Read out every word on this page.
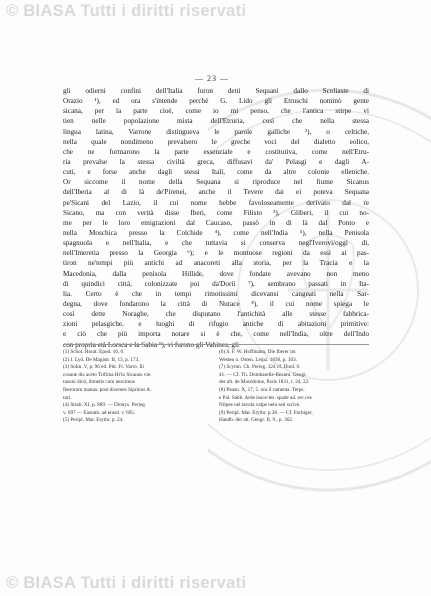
© BIASA Tutti i diritti riservati
— 23 —
gli odierni confini dell'Italia furon detti Sequani dallo Scoliaste di
Orazio ¹), ed ora s'intende perchè G. Lido gli Etruschi nominò gente
sicana, per la parte cioè, come io mi penso, che l'antica stirpe vi
tien nelle popolazione mista dell'Etruria, così che nella stessa
lingua latina, Varrone distingueva le parole galliche ²), o celtiche,
nella quale nondimeno prevalsero le greche voci del dialetto eolico,
che ne formarono la parte essenziale e costitutiva, come nell'Etru-
ria prevalse la stessa civiltà greca, diffusavi da' Pelasgi e dagli A-
cuti, e forse anche dagli stessi Itali, come da altre colonie elleniche.
Or siccome il nome della Sequana si riproduce nel fiume Sicanus
dell'Iberia al di là de'Pirenei, anche il Tevere dai ei poteva Sequana
pe'Sicani del Lazio, il cui nome hebbe favoloseamente derivato dal re
Sicano, ma con verità disse Iberi, come Filisto ³), Gliberi, il cui no-
me per le loro emigrazioni dal Caucaso, passò in di là dal Ponto e
nella Moschica presso la Colchide ⁴), come nell'India ⁵), nella Penisola
spagnuola e nell'Italia, e che tuttavia si conserva negl'Iverovi/oggi di,
nell'Imeretia presso la Georgia ⁶); e le montuose regioni da essi ai pas-
tiron ne'tempi più antichi ad anacoreti alla storia, per la Tracia e la
Macedonia, dalla penisola Hillide, dove fondate avevano non meno
di quindici città, colonizzate poi da'Dorii ⁷), sembrano passati in Ita-
lia. Certo è che in tempi rimotissimi dicevansi cangeati nella Sar-
degna, dove fondarono la città di Nurace ⁸), il cui nome spiega le
così dette Noraghe, che disputano l'antichità alle stesse fabbrica-
zioni pelasgiche, e luoghi di rifugio antiche di abitazioni primitive:
e ciò che più importa notare si è che, come nell'India, oltre dell'Indo
con propria età Lorsca e la Sabia ⁹), vi furono gli Vahines, gli
(1) Schol. Horat. Epod. 16, 6.
(2) J. Lyd. De Magistr. II, 13, p. 173.
(3) Solin. V, p. 96 ed. Pitt. Fr. Varro. Ili
cosaue dis aceto Trifima Hi'in Sicanus vie.
tusuni dicti, dimetis cum nescimus
Iberorum manus. post dicentes Siprinos A.
turi.
(4) Strab. XI, p. 889. — Dionys. Perieg.
v. 697 — Eustath. ad eiusd. v. 695.
(5) Peripl. Mar. Erythr. p. 24.
(6) S. F. W. Hoffmann, Die Iberer im
Westen u. Osten. Leipz. 1838, p. 103.
(7) Scymn. Ch. Perieg. 324 cf. Diod. 6.
41. — Cf. Th. Dombarelle-Beaum. Geogr.
der alt. de Macédoine, Paris 1831, t. 24, 22.
(8) Pausn. X, 17, 5. ora il ramenta. Terps.
e Pal. Sabb. Arde isoce-les. spade ad. rec.ces
Nilpee nel tavola valpe nelu sed scrive.
(9) Peripl. Mar. Erythr. p.38. — Cf. Forbiger,
Handb. der alt. Geogr. II, 9., p. 362.
© BIASA Tutti i diritti riservati
